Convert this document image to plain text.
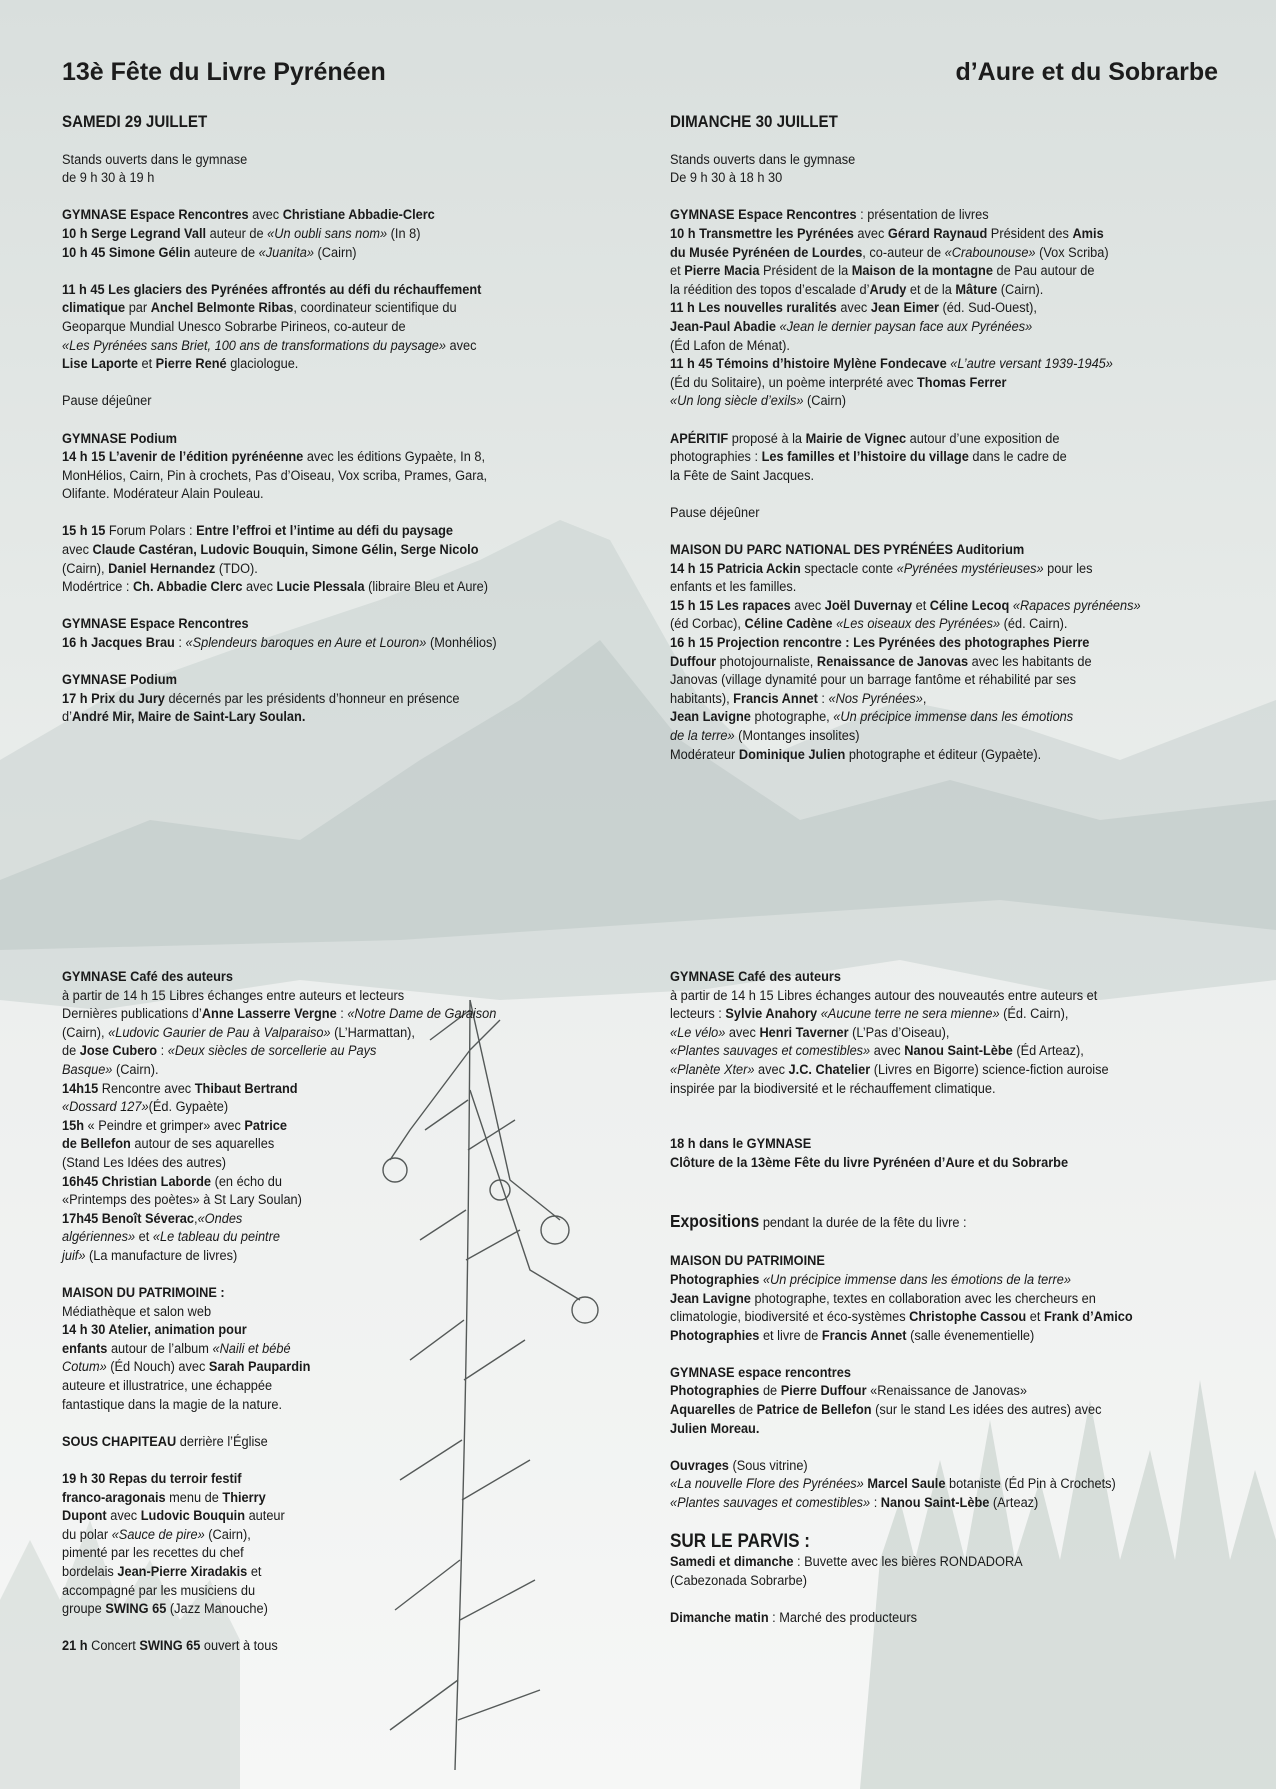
13è Fête du Livre Pyrénéen	d’Aure et du Sobrarbe

SAMEDI 29 JUILLET

Stands ouverts dans le gymnase

de 9 h 30 à 19 h

GYMNASE Espace Rencontres avec Christiane Abbadie-Clerc

10 h Serge Legrand Vall auteur de «Un oubli sans nom» (In 8)

10 h 45 Simone Gélin auteure de «Juanita» (Cairn)

11 h 45 Les glaciers des Pyrénées affrontés au défi du réchauffement

climatique par Anchel Belmonte Ribas, coordinateur scientifique du

Geoparque Mundial Unesco Sobrarbe Pirineos, co-auteur de

«Les Pyrénées sans Briet, 100 ans de transformations du paysage» avec

Lise Laporte et Pierre René glaciologue.

Pause déjeûner

GYMNASE Podium

14 h 15 L’avenir de l’édition pyrénéenne avec les éditions Gypaète, In 8,

MonHélios, Cairn, Pin à crochets, Pas d’Oiseau, Vox scriba, Prames, Gara,

Olifante. Modérateur Alain Pouleau.

15 h 15 Forum Polars : Entre l’effroi et l’intime au défi du paysage

avec Claude Castéran, Ludovic Bouquin, Simone Gélin, Serge Nicolo

(Cairn), Daniel Hernandez (TDO).

Modértrice : Ch. Abbadie Clerc avec Lucie Plessala (libraire Bleu et Aure)

GYMNASE Espace Rencontres

16 h Jacques Brau : «Splendeurs baroques en Aure et Louron» (Monhélios)

GYMNASE Podium

17 h Prix du Jury décernés par les présidents d’honneur en présence

d’André Mir, Maire de Saint-Lary Soulan.

DIMANCHE 30 JUILLET

Stands ouverts dans le gymnase

De 9 h 30 à 18 h 30

GYMNASE Espace Rencontres : présentation de livres

10 h Transmettre les Pyrénées avec Gérard Raynaud Président des Amis

du Musée Pyrénéen de Lourdes, co-auteur de «Crabounouse» (Vox Scriba)

et Pierre Macia Président de la Maison de la montagne de Pau autour de

la réédition des topos d’escalade d’Arudy et de la Mâture (Cairn).

11 h Les nouvelles ruralités avec Jean Eimer (éd. Sud-Ouest),

Jean-Paul Abadie «Jean le dernier paysan face aux Pyrénées»

(Éd Lafon de Ménat).

11 h 45 Témoins d’histoire Mylène Fondecave «L’autre versant 1939-1945»

(Éd du Solitaire), un poème interprété avec Thomas Ferrer

«Un long siècle d’exils» (Cairn)

APÉRITIF proposé à la Mairie de Vignec autour d’une exposition de

photographies : Les familles et l’histoire du village dans le cadre de

la Fête de Saint Jacques.

Pause déjeûner

MAISON DU PARC NATIONAL DES PYRÉNÉES Auditorium

14 h 15 Patricia Ackin spectacle conte «Pyrénées mystérieuses» pour les

enfants et les familles.

15 h 15 Les rapaces avec Joël Duvernay et Céline Lecoq «Rapaces pyrénéens»

(éd Corbac), Céline Cadène «Les oiseaux des Pyrénées» (éd. Cairn).

16 h 15 Projection rencontre : Les Pyrénées des photographes Pierre

Duffour photojournaliste, Renaissance de Janovas avec les habitants de

Janovas (village dynamité pour un barrage fantôme et réhabilité par ses

habitants), Francis Annet : «Nos Pyrénées»,

Jean Lavigne photographe, «Un précipice immense dans les émotions

de la terre» (Montanges insolites)

Modérateur Dominique Julien photographe et éditeur (Gypaète).

GYMNASE Café des auteurs

à partir de 14 h 15 Libres échanges entre auteurs et lecteurs

Dernières publications d’Anne Lasserre Vergne : «Notre Dame de Garaison

(Cairn), «Ludovic Gaurier de Pau à Valparaiso» (L’Harmattan),

de Jose Cubero : «Deux siècles de sorcellerie au Pays

Basque» (Cairn).

14h15 Rencontre avec Thibaut Bertrand

«Dossard 127»(Éd. Gypaète)

15h « Peindre et grimper» avec Patrice

de Bellefon autour de ses aquarelles

(Stand Les Idées des autres)

16h45 Christian Laborde (en écho du

«Printemps des poètes» à St Lary Soulan)

17h45 Benoît Séverac,«Ondes

algériennes» et «Le tableau du peintre

juif» (La manufacture de livres)

MAISON DU PATRIMOINE :

Médiathèque et salon web

14 h 30 Atelier, animation pour

enfants autour de l’album «Naili et bébé

Cotum» (Éd Nouch) avec Sarah Paupardin

auteure et illustratrice, une échappée

fantastique dans la magie de la nature.

SOUS CHAPITEAU derrière l’Église

19 h 30 Repas du terroir festif

franco-aragonais menu de Thierry

Dupont avec Ludovic Bouquin auteur

du polar «Sauce de pire» (Cairn),

pimenté par les recettes du chef

bordelais Jean-Pierre Xiradakis et

accompagné par les musiciens du

groupe SWING 65 (Jazz Manouche)

21 h Concert SWING 65 ouvert à tous

GYMNASE Café des auteurs

à partir de 14 h 15 Libres échanges autour des nouveautés entre auteurs et

lecteurs : Sylvie Anahory «Aucune terre ne sera mienne» (Éd. Cairn),

«Le vélo» avec Henri Taverner (L’Pas d’Oiseau),

«Plantes sauvages et comestibles» avec Nanou Saint-Lèbe (Éd Arteaz),

«Planète Xter» avec J.C. Chatelier (Livres en Bigorre) science-fiction auroise

inspirée par la biodiversité et le réchauffement climatique.

18 h dans le GYMNASE

Clôture de la 13ème Fête du livre Pyrénéen d’Aure et du Sobrarbe

Expositions pendant la durée de la fête du livre :

MAISON DU PATRIMOINE

Photographies «Un précipice immense dans les émotions de la terre»

Jean Lavigne photographe, textes en collaboration avec les chercheurs en

climatologie, biodiversité et éco-systèmes Christophe Cassou et Frank d’Amico

Photographies et livre de Francis Annet (salle évenementielle)

GYMNASE espace rencontres

Photographies de Pierre Duffour «Renaissance de Janovas»

Aquarelles de Patrice de Bellefon (sur le stand Les idées des autres) avec

Julien Moreau.

Ouvrages (Sous vitrine)

«La nouvelle Flore des Pyrénées» Marcel Saule botaniste (Éd Pin à Crochets)

«Plantes sauvages et comestibles» : Nanou Saint-Lèbe (Arteaz)

SUR LE PARVIS :

Samedi et dimanche : Buvette avec les bières RONDADORA

(Cabezonada Sobrarbe)

Dimanche matin : Marché des producteurs
